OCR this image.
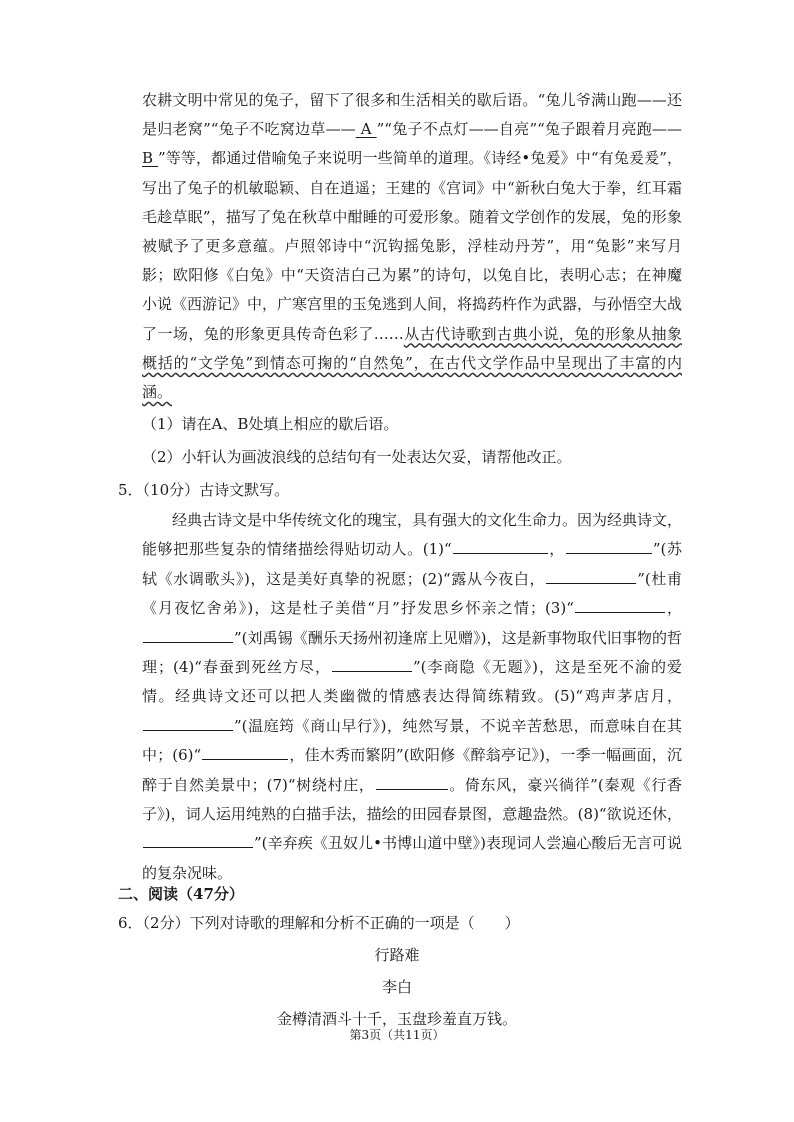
农耕文明中常见的兔子，留下了很多和生活相关的歇后语。“兔儿爷满山跑——还是归老窝”“兔子不吃窝边草—— A ”“兔子不点灯——自亮”“兔子跟着月亮跑—— B ”等等，都通过借喻兔子来说明一些简单的道理。《诗经•兔爰》中“有兔爰爰”，写出了兔子的机敏聪颖、自在逍遥；王建的《宫词》中“新秋白兔大于拳，红耳霜毛趁草眠”，描写了兔在秋草中酣睡的可爱形象。随着文学创作的发展，兔的形象被赋予了更多意蕴。卢照邻诗中“沉钩摇兔影，浮桂动丹芳”，用“兔影”来写月影；欧阳修《白兔》中“天资洁白己为累”的诗句，以兔自比，表明心志；在神魔小说《西游记》中，广寒宫里的玉兔逃到人间，将捣药杵作为武器，与孙悟空大战了一场，兔的形象更具传奇色彩了……从古代诗歌到古典小说，兔的形象从抽象概括的“文学兔”到情态可掬的“自然兔”，在古代文学作品中呈现出了丰富的内涵。
（1）请在A、B处填上相应的歇后语。
（2）小轩认为画波浪线的总结句有一处表达欠妥，请帮他改正。
5．（10分）古诗文默写。
经典古诗文是中华传统文化的瑰宝，具有强大的文化生命力。因为经典诗文，能够把那些复杂的情绪描绘得贴切动人。(1)“	，	”(苏轼《水调歌头》)，这是美好真挚的祝愿；(2)“露从今夜白，	”(杜甫《月夜忆舍弟》)，这是杜子美借“月”抒发思乡怀亲之情；(3)“	，”(刘禹锡《酬乐天扬州初逢席上见赠》)，这是新事物取代旧事物的哲理；(4)“春蚕到死丝方尽，	”(李商隐《无题》)，这是至死不渝的爱情。经典诗文还可以把人类幽微的情感表达得简练精致。(5)“鸡声茅店月，”(温庭筠《商山早行》)，纯然写景，不说辛苦愁思，而意味自在其中；(6)“	，佳木秀而繁阴”(欧阳修《醉翁亭记》)，一季一幅画面，沉醉于自然美景中；(7)“树绕村庄，	。倚东风，豪兴徜徉”(秦观《行香子》)，词人运用纯熟的白描手法，描绘的田园春景图，意趣盎然。(8)“欲说还休，”(辛弃疾《丑奴儿•书博山道中壁》)表现词人尝遍心酸后无言可说的复杂况味。
二、阅读（47分）
6．（2分）下列对诗歌的理解和分析不正确的一项是（　　）
行路难
李白
金樽清酒斗十千，玉盘珍羞直万钱。
第3页（共11页）
